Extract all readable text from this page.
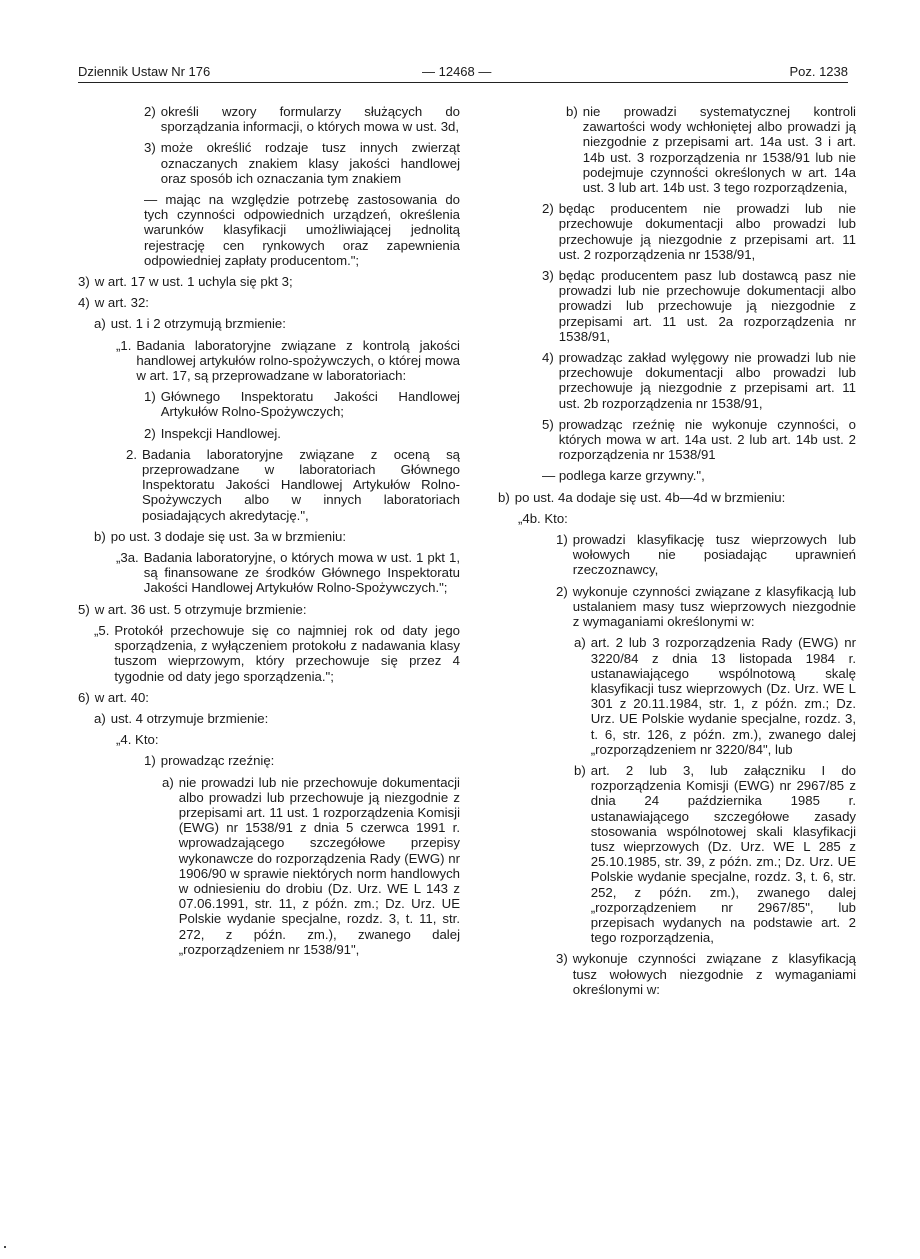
Dziennik Ustaw Nr 176	— 12468 —	Poz. 1238
2) określi wzory formularzy służących do sporządzania informacji, o których mowa w ust. 3d,
3) może określić rodzaje tusz innych zwierząt oznaczanych znakiem klasy jakości handlowej oraz sposób ich oznaczania tym znakiem

— mając na względzie potrzebę zastosowania do tych czynności odpowiednich urządzeń, określenia warunków klasyfikacji umożliwiającej jednolitą rejestrację cen rynkowych oraz zapewnienia odpowiedniej zapłaty producentom.";

3) w art. 17 w ust. 1 uchyla się pkt 3;
4) w art. 32:
a) ust. 1 i 2 otrzymują brzmienie:
„1. Badania laboratoryjne związane z kontrolą jakości handlowej artykułów rolno-spożywczych, o której mowa w art. 17, są przeprowadzane w laboratoriach:
1) Głównego Inspektoratu Jakości Handlowej Artykułów Rolno-Spożywczych;
2) Inspekcji Handlowej.
2. Badania laboratoryjne związane z oceną są przeprowadzane w laboratoriach Głównego Inspektoratu Jakości Handlowej Artykułów Rolno-Spożywczych albo w innych laboratoriach posiadających akredytację.",
b) po ust. 3 dodaje się ust. 3a w brzmieniu:
„3a. Badania laboratoryjne, o których mowa w ust. 1 pkt 1, są finansowane ze środków Głównego Inspektoratu Jakości Handlowej Artykułów Rolno-Spożywczych.";
5) w art. 36 ust. 5 otrzymuje brzmienie:
„5. Protokół przechowuje się co najmniej rok od daty jego sporządzenia, z wyłączeniem protokołu z nadawania klasy tuszom wieprzowym, który przechowuje się przez 4 tygodnie od daty jego sporządzenia.";
6) w art. 40:
a) ust. 4 otrzymuje brzmienie:

„4. Kto:

1) prowadząc rzeźnię:
a) nie prowadzi lub nie przechowuje dokumentacji albo prowadzi lub przechowuje ją niezgodnie z przepisami art. 11 ust. 1 rozporządzenia Komisji (EWG) nr 1538/91 z dnia 5 czerwca 1991 r. wprowadzającego szczegółowe przepisy wykonawcze do rozporządzenia Rady (EWG) nr 1906/90 w sprawie niektórych norm handlowych w odniesieniu do drobiu (Dz. Urz. WE L 143 z 07.06.1991, str. 11, z późn. zm.; Dz. Urz. UE Polskie wydanie specjalne, rozdz. 3, t. 11, str. 272, z późn. zm.), zwanego dalej „rozporządzeniem nr 1538/91",
b) nie prowadzi systematycznej kontroli zawartości wody wchłoniętej albo prowadzi ją niezgodnie z przepisami art. 14a ust. 3 i art. 14b ust. 3 rozporządzenia nr 1538/91 lub nie podejmuje czynności określonych w art. 14a ust. 3 lub art. 14b ust. 3 tego rozporządzenia,
2) będąc producentem nie prowadzi lub nie przechowuje dokumentacji albo prowadzi lub przechowuje ją niezgodnie z przepisami art. 11 ust. 2 rozporządzenia nr 1538/91,
3) będąc producentem pasz lub dostawcą pasz nie prowadzi lub nie przechowuje dokumentacji albo prowadzi lub przechowuje ją niezgodnie z przepisami art. 11 ust. 2a rozporządzenia nr 1538/91,
4) prowadząc zakład wylęgowy nie prowadzi lub nie przechowuje dokumentacji albo prowadzi lub przechowuje ją niezgodnie z przepisami art. 11 ust. 2b rozporządzenia nr 1538/91,
5) prowadząc rzeźnię nie wykonuje czynności, o których mowa w art. 14a ust. 2 lub art. 14b ust. 2 rozporządzenia nr 1538/91

— podlega karze grzywny.",

b) po ust. 4a dodaje się ust. 4b—4d w brzmieniu:

„4b. Kto:

1) prowadzi klasyfikację tusz wieprzowych lub wołowych nie posiadając uprawnień rzeczoznawcy,
2) wykonuje czynności związane z klasyfikacją lub ustalaniem masy tusz wieprzowych niezgodnie z wymaganiami określonymi w:
a) art. 2 lub 3 rozporządzenia Rady (EWG) nr 3220/84 z dnia 13 listopada 1984 r. ustanawiającego wspólnotową skalę klasyfikacji tusz wieprzowych (Dz. Urz. WE L 301 z 20.11.1984, str. 1, z późn. zm.; Dz. Urz. UE Polskie wydanie specjalne, rozdz. 3, t. 6, str. 126, z późn. zm.), zwanego dalej „rozporządzeniem nr 3220/84", lub
b) art. 2 lub 3, lub załączniku I do rozporządzenia Komisji (EWG) nr 2967/85 z dnia 24 października 1985 r. ustanawiającego szczegółowe zasady stosowania wspólnotowej skali klasyfikacji tusz wieprzowych (Dz. Urz. WE L 285 z 25.10.1985, str. 39, z późn. zm.; Dz. Urz. UE Polskie wydanie specjalne, rozdz. 3, t. 6, str. 252, z późn. zm.), zwanego dalej „rozporządzeniem nr 2967/85", lub przepisach wydanych na podstawie art. 2 tego rozporządzenia,
3) wykonuje czynności związane z klasyfikacją tusz wołowych niezgodnie z wymaganiami określonymi w:
